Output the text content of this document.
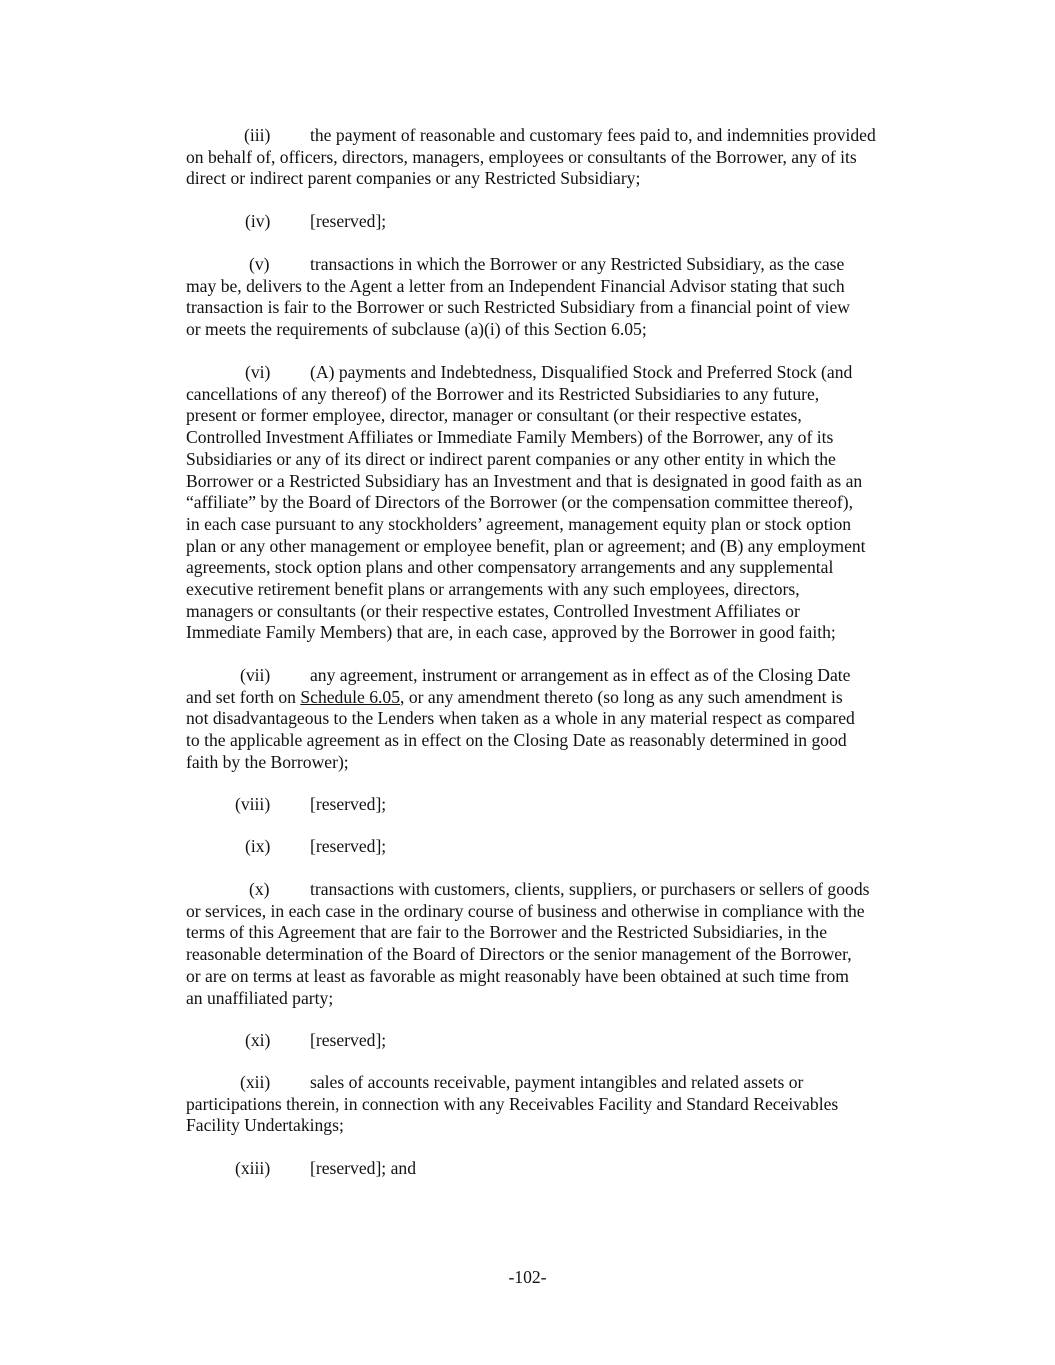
(iii) the payment of reasonable and customary fees paid to, and indemnities provided
on behalf of, officers, directors, managers, employees or consultants of the Borrower, any of its
direct or indirect parent companies or any Restricted Subsidiary;
(iv) [reserved];
(v) transactions in which the Borrower or any Restricted Subsidiary, as the case
may be, delivers to the Agent a letter from an Independent Financial Advisor stating that such
transaction is fair to the Borrower or such Restricted Subsidiary from a financial point of view
or meets the requirements of subclause (a)(i) of this Section 6.05;
(vi) (A) payments and Indebtedness, Disqualified Stock and Preferred Stock (and
cancellations of any thereof) of the Borrower and its Restricted Subsidiaries to any future,
present or former employee, director, manager or consultant (or their respective estates,
Controlled Investment Affiliates or Immediate Family Members) of the Borrower, any of its
Subsidiaries or any of its direct or indirect parent companies or any other entity in which the
Borrower or a Restricted Subsidiary has an Investment and that is designated in good faith as an
“affiliate” by the Board of Directors of the Borrower (or the compensation committee thereof),
in each case pursuant to any stockholders’ agreement, management equity plan or stock option
plan or any other management or employee benefit, plan or agreement; and (B) any employment
agreements, stock option plans and other compensatory arrangements and any supplemental
executive retirement benefit plans or arrangements with any such employees, directors,
managers or consultants (or their respective estates, Controlled Investment Affiliates or
Immediate Family Members) that are, in each case, approved by the Borrower in good faith;
(vii) any agreement, instrument or arrangement as in effect as of the Closing Date
and set forth on Schedule 6.05, or any amendment thereto (so long as any such amendment is
not disadvantageous to the Lenders when taken as a whole in any material respect as compared
to the applicable agreement as in effect on the Closing Date as reasonably determined in good
faith by the Borrower);
(viii) [reserved];
(ix) [reserved];
(x) transactions with customers, clients, suppliers, or purchasers or sellers of goods
or services, in each case in the ordinary course of business and otherwise in compliance with the
terms of this Agreement that are fair to the Borrower and the Restricted Subsidiaries, in the
reasonable determination of the Board of Directors or the senior management of the Borrower,
or are on terms at least as favorable as might reasonably have been obtained at such time from
an unaffiliated party;
(xi) [reserved];
(xii) sales of accounts receivable, payment intangibles and related assets or
participations therein, in connection with any Receivables Facility and Standard Receivables
Facility Undertakings;
(xiii) [reserved]; and
-102-
